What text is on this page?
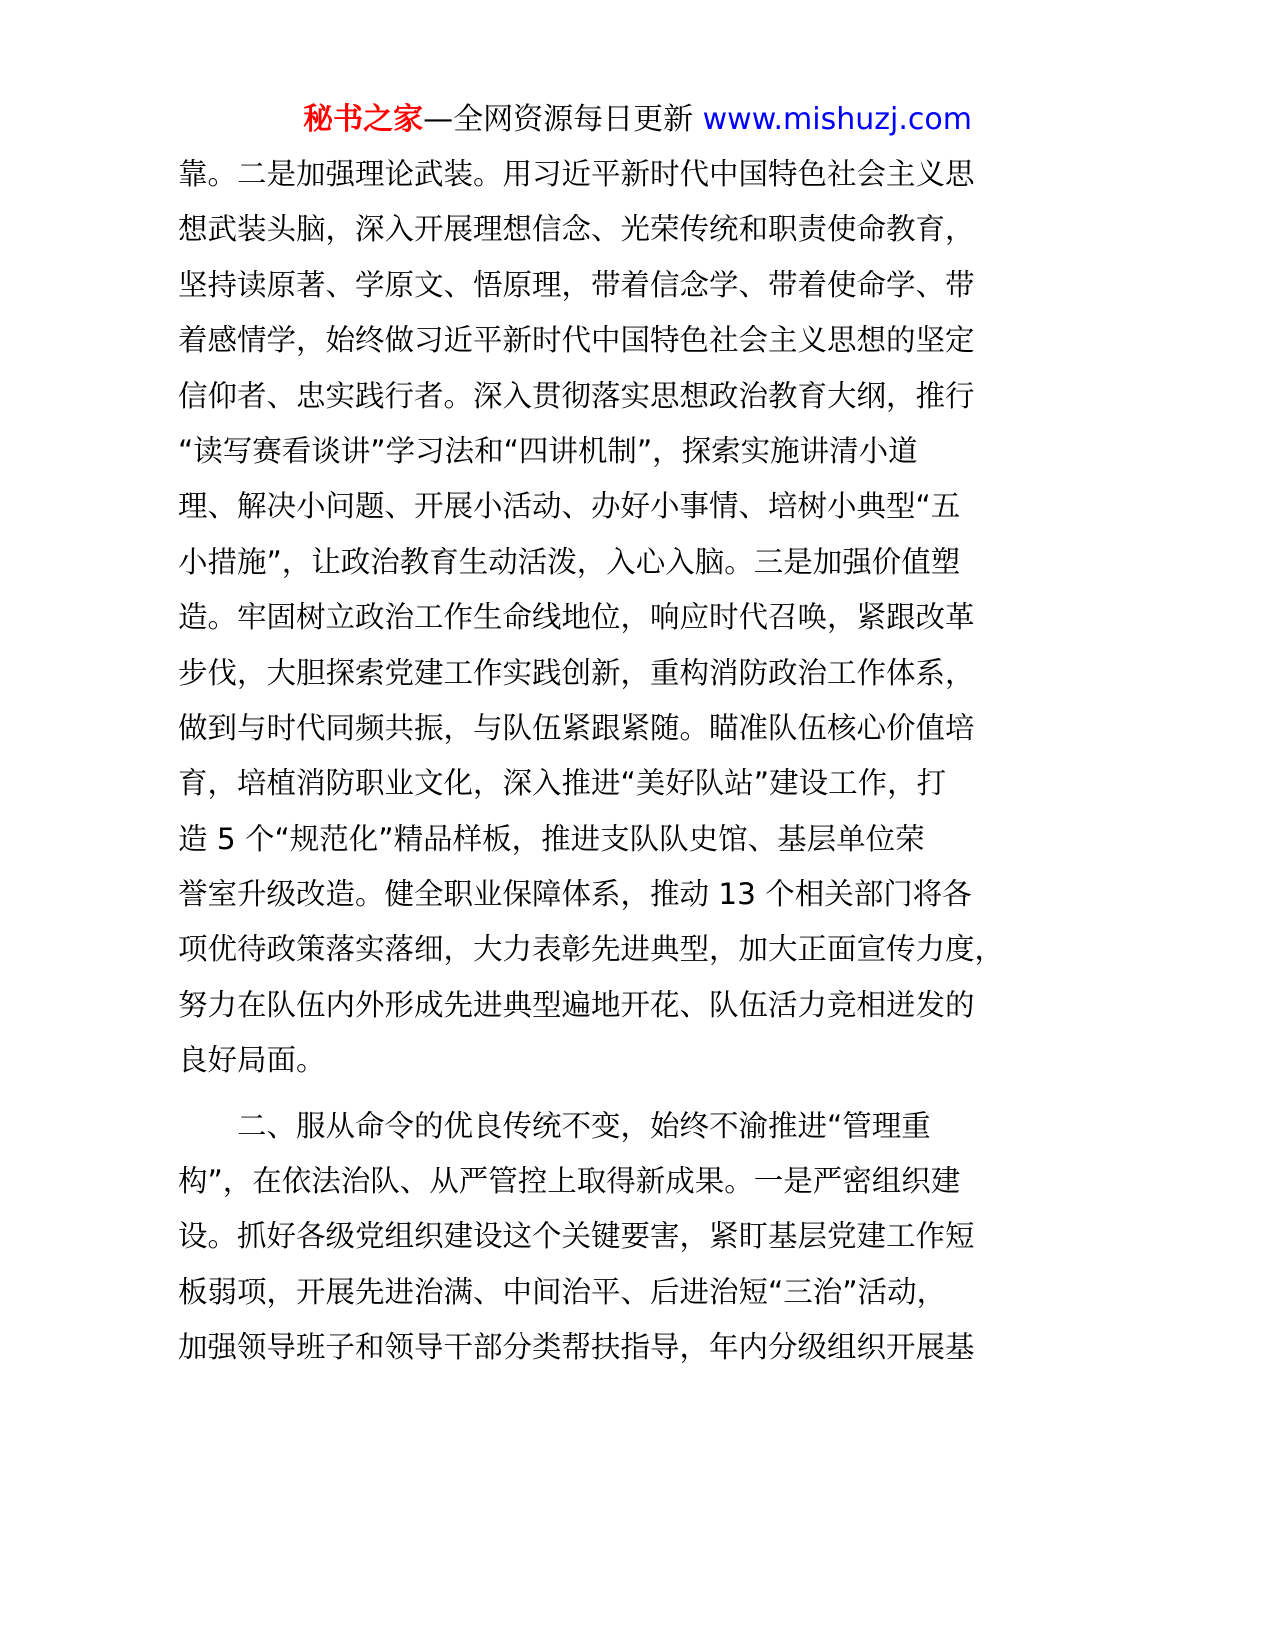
秘书之家—全网资源每日更新 www.mishuzj.com
靠。二是加强理论武装。用习近平新时代中国特色社会主义思
想武装头脑，深入开展理想信念、光荣传统和职责使命教育，
坚持读原著、学原文、悟原理，带着信念学、带着使命学、带
着感情学，始终做习近平新时代中国特色社会主义思想的坚定
信仰者、忠实践行者。深入贯彻落实思想政治教育大纲，推行
“读写赛看谈讲”学习法和“四讲机制”，探索实施讲清小道
理、解决小问题、开展小活动、办好小事情、培树小典型“五
小措施”，让政治教育生动活泼，入心入脑。三是加强价值塑
造。牢固树立政治工作生命线地位，响应时代召唤，紧跟改革
步伐，大胆探索党建工作实践创新，重构消防政治工作体系，
做到与时代同频共振，与队伍紧跟紧随。瞄准队伍核心价值培
育，培植消防职业文化，深入推进“美好队站”建设工作，打
造 5 个“规范化”精品样板，推进支队队史馆、基层单位荣
誉室升级改造。健全职业保障体系，推动 13 个相关部门将各
项优待政策落实落细，大力表彰先进典型，加大正面宣传力度，
努力在队伍内外形成先进典型遍地开花、队伍活力竞相迸发的
良好局面。
　　二、服从命令的优良传统不变，始终不渝推进“管理重
构”，在依法治队、从严管控上取得新成果。一是严密组织建
设。抓好各级党组织建设这个关键要害，紧盯基层党建工作短
板弱项，开展先进治满、中间治平、后进治短“三治”活动，
加强领导班子和领导干部分类帮扶指导，年内分级组织开展基
